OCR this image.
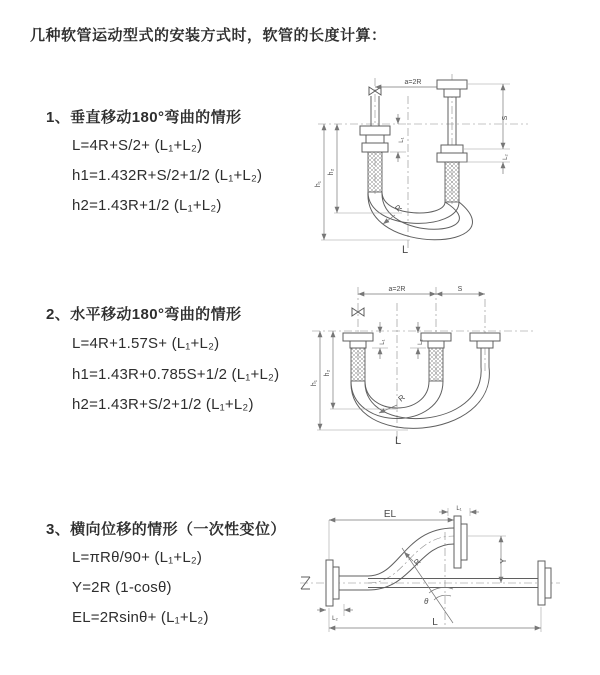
几种软管运动型式的安装方式时，软管的长度计算：
1、垂直移动180°弯曲的情形
L=4R+S/2+ (L₁+L₂)
h1=1.432R+S/2+1/2 (L₁+L₂)
h2=1.43R+1/2 (L₁+L₂)
2、水平移动180°弯曲的情形
L=4R+1.57S+ (L₁+L₂)
h1=1.43R+0.785S+1/2 (L₁+L₂)
h2=1.43R+S/2+1/2 (L₁+L₂)
3、横向位移的情形（一次性变位）
L=πRθ/90+ (L₁+L₂)
Y=2R (1-cosθ)
EL=2Rsinθ+ (L₁+L₂)
a=2R
h₁
h₂
L₁
S
L₂
R
L
a=2R	S
L₁	L₂
h₁
h₂
R
L
EL	L₁
Y
L
L₂
θ
R
